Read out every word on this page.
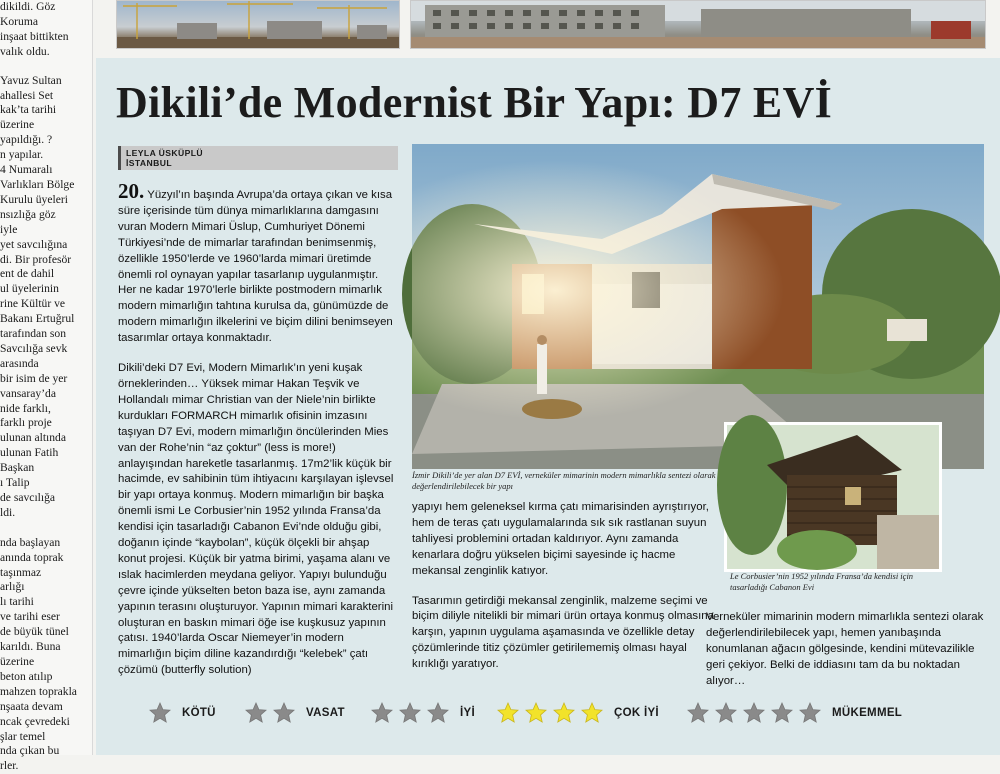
dikildi. Göz
Koruma
inşaat bittikten
valık oldu.
Yavuz Sultan
ahallesi Set
kak’ta tarihi
üzerine
yapıldığı. ?
n yapılar.
4 Numaralı
Varlıkları Bölge
Kurulu üyeleri
nsızlığa göz
iyle
yet savcılığına
di. Bir profesör
ent de dahil
ul üyelerinin
rine Kültür ve
Bakanı Ertuğrul
tarafından son
Savcılığa sevk
arasında
bir isim de yer
vansaray’da
nide farklı,
farklı proje
ulunan altında
ulunan Fatih
Başkan
ı Talip
de savcılığa
ldi.

nda başlayan
anında toprak
taşınmaz
arlığı
lı tarihi
ve tarihi eser
de büyük tünel
karıldı. Buna
üzerine
beton atılıp
mahzen toprakla
nşaata devam
ncak çevredeki
şlar temel
nda çıkan bu
rler.
Dikili’de Modernist Bir Yapı: D7 EVİ
LEYLA ÜSKÜPLÜ
İSTANBUL

20. Yüzyıl’ın başında Avrupa’da ortaya çıkan ve kısa süre içerisinde tüm dünya mimarlıklarına damgasını vuran Modern Mimari Üslup, Cumhuriyet Dönemi Türkiyesi’nde de mimarlar tarafından benimsenmiş, özellikle 1950’lerde ve 1960’larda mimari üretimde önemli rol oynayan yapılar tasarlanıp uygulanmıştır. Her ne kadar 1970’lerle birlikte postmodern mimarlık modern mimarlığın tahtına kurulsa da, günümüzde de modern mimarlığın ilkelerini ve biçim dilini benimseyen tasarımlar ortaya konmaktadır.

Dikili’deki D7 Evi, Modern Mimarlık’ın yeni kuşak örneklerinden… Yüksek mimar Hakan Teşvik ve Hollandalı mimar Christian van der Niele’nin birlikte kurdukları FORMARCH mimarlık ofisinin imzasını taşıyan D7 Evi, modern mimarlığın öncülerinden Mies van der Rohe’nin “az çoktur” (less is more!) anlayışından hareketle tasarlanmış. 17m2’lik küçük bir hacimde, ev sahibinin tüm ihtiyacını karşılayan işlevsel bir yapı ortaya konmuş. Modern mimarlığın bir başka önemli ismi Le Corbusier’nin 1952 yılında Fransa’da kendisi için tasarladığı Cabanon Evi’nde olduğu gibi, doğanın içinde “kaybolan”, küçük ölçekli bir ahşap konut projesi. Küçük bir yatma birimi, yaşama alanı ve ıslak hacimlerden meydana geliyor. Yapıyı bulunduğu çevre içinde yükselten beton baza ise, aynı zamanda yapının terasını oluşturuyor. Yapının mimari karakterini oluşturan en baskın mimari öğe ise kuşkusuz yapının çatısı. 1940’larda Oscar Niemeyer’in modern mimarlığın biçim diline kazandırdığı “kelebek” çatı çözümü (butterfly solution)

İzmir Dikili’de yer alan D7 EVİ, verneküler mimarinin modern mimarlıkla sentezi olarak değerlendirilebilecek bir yapı
Le Corbusier’nin 1952 yılında Fransa’da kendisi için tasarladığı Cabanon Evi

yapıyı hem geleneksel kırma çatı mimarisinden ayrıştırıyor, hem de teras çatı uygulamalarında sık sık rastlanan suyun tahliyesi problemini ortadan kaldırıyor. Aynı zamanda kenarlara doğru yükselen biçimi sayesinde iç hacme mekansal zenginlik katıyor.

Tasarımın getirdiği mekansal zenginlik, malzeme seçimi ve biçim diliyle nitelikli bir mimari ürün ortaya konmuş olmasına karşın, yapının uygulama aşamasında ve özellikle detay çözümlerinde titiz çözümler getirilememiş olması hayal kırıklığı yaratıyor.

Verneküler mimarinin modern mimarlıkla sentezi olarak değerlendirilebilecek yapı, hemen yanıbaşında konumlanan ağacın gölgesinde, kendini mütevazilikle geri çekiyor. Belki de iddiasını tam da bu noktadan alıyor…

KÖTÜ	VASAT	İYİ	ÇOK İYİ	MÜKEMMEL
